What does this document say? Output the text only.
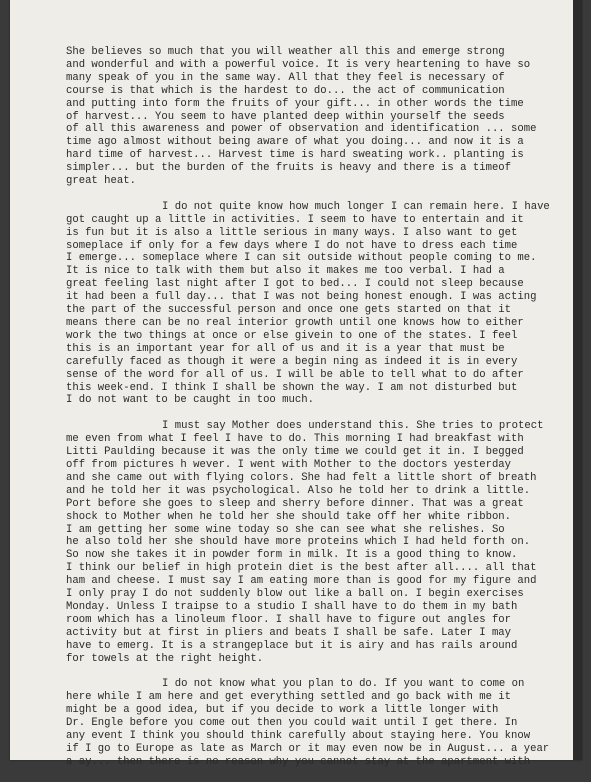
She believes so much that you will weather all this and emerge strong
and wonderful and with a powerful voice. It is very heartening to have so
many speak of you in the same way. All that they feel is necessary of
course is that which is the hardest to do... the act of communication
and putting into form the fruits of your gift... in other words the time
of harvest... You seem to have planted deep within yourself the seeds
of all this awareness and power of observation and identification ... some
time ago almost without being aware of what you doing... and now it is a
hard time of harvest... Harvest time is hard sweating work.. planting is
simpler... but the burden of the fruits is heavy and there is a timeof
great heat.
I do not quite know how much longer I can remain here. I have
got caught up a little in activities. I seem to have to entertain and it
is fun but it is also a little serious in many ways. I also want to get
someplace if only for a few days where I do not have to dress each time
I emerge... someplace where I can sit outside without people coming to me.
It is nice to talk with them but also it makes me too verbal. I had a
great feeling last night after I got to bed... I could not sleep because
it had been a full day... that I was not being honest enough. I was acting
the part of the successful person and once one gets started on that it
means there can be no real interior growth until one knows how to either
work the two things at once or else givein to one of the states. I feel
this is an important year for all of us and it is a year that must be
carefully faced as though it were a begin ning as indeed it is in every
sense of the word for all of us. I will be able to tell what to do after
this week-end. I think I shall be shown the way. I am not disturbed but
I do not want to be caught in too much.
I must say Mother does understand this. She tries to protect
me even from what I feel I have to do. This morning I had breakfast with
Litti Paulding because it was the only time we could get it in. I begged
off from pictures h wever. I went with Mother to the doctors yesterday
and she came out with flying colors. She had felt a little short of breath
and he told her it was psychological. Also he told her to drink a little.
Port before she goes to sleep and sherry before dinner. That was a great
shock to Mother when he told her she should take off her white ribbon.
I am getting her some wine today so she can see what she relishes. So
he also told her she should have more proteins which I had held forth on.
So now she takes it in powder form in milk. It is a good thing to know.
I think our belief in high protein diet is the best after all.... all that
ham and cheese. I must say I am eating more than is good for my figure and
I only pray I do not suddenly blow out like a ball on. I begin exercises
Monday. Unless I traipse to a studio I shall have to do them in my bath
room which has a linoleum floor. I shall have to figure out angles for
activity but at first in pliers and beats I shall be safe. Later I may
have to emerg. It is a strangeplace but it is airy and has rails around
for towels at the right height.
I do not know what you plan to do. If you want to come on
here while I am here and get everything settled and go back with me it
might be a good idea, but if you decide to work a little longer with
Dr. Engle before you come out then you could wait until I get there. In
any event I think you should think carefully about staying here. You know
if I go to Europe as late as March or it may even now be in August... a year
a ay... then there is no reason why you cannot stay at the apartment with
